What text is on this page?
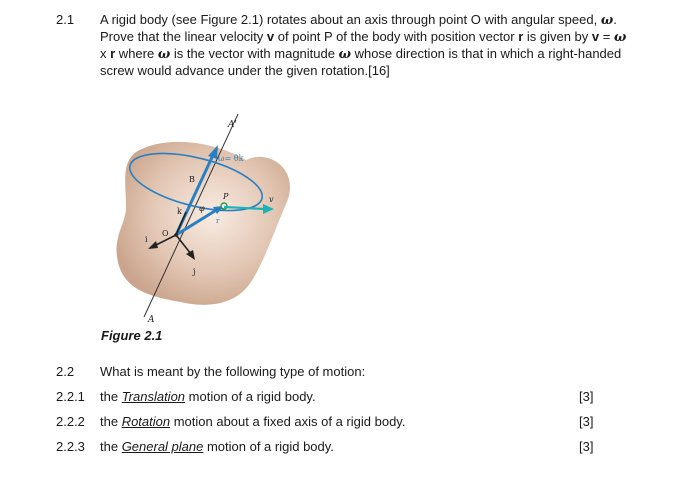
2.1 A rigid body (see Figure 2.1) rotates about an axis through point O with angular speed, ω. Prove that the linear velocity v of point P of the body with position vector r is given by v = ω x r where ω is the vector with magnitude ω whose direction is that in which a right-handed screw would advance under the given rotation.[16]
A'
A
ω= θ̇k
B
P	v
φ
r
k
O
i
j
Figure 2.1
2.2 What is meant by the following type of motion:
2.2.1 the Translation motion of a rigid body.	[3]
2.2.2 the Rotation motion about a fixed axis of a rigid body.	[3]
2.2.3 the General plane motion of a rigid body.	[3]
